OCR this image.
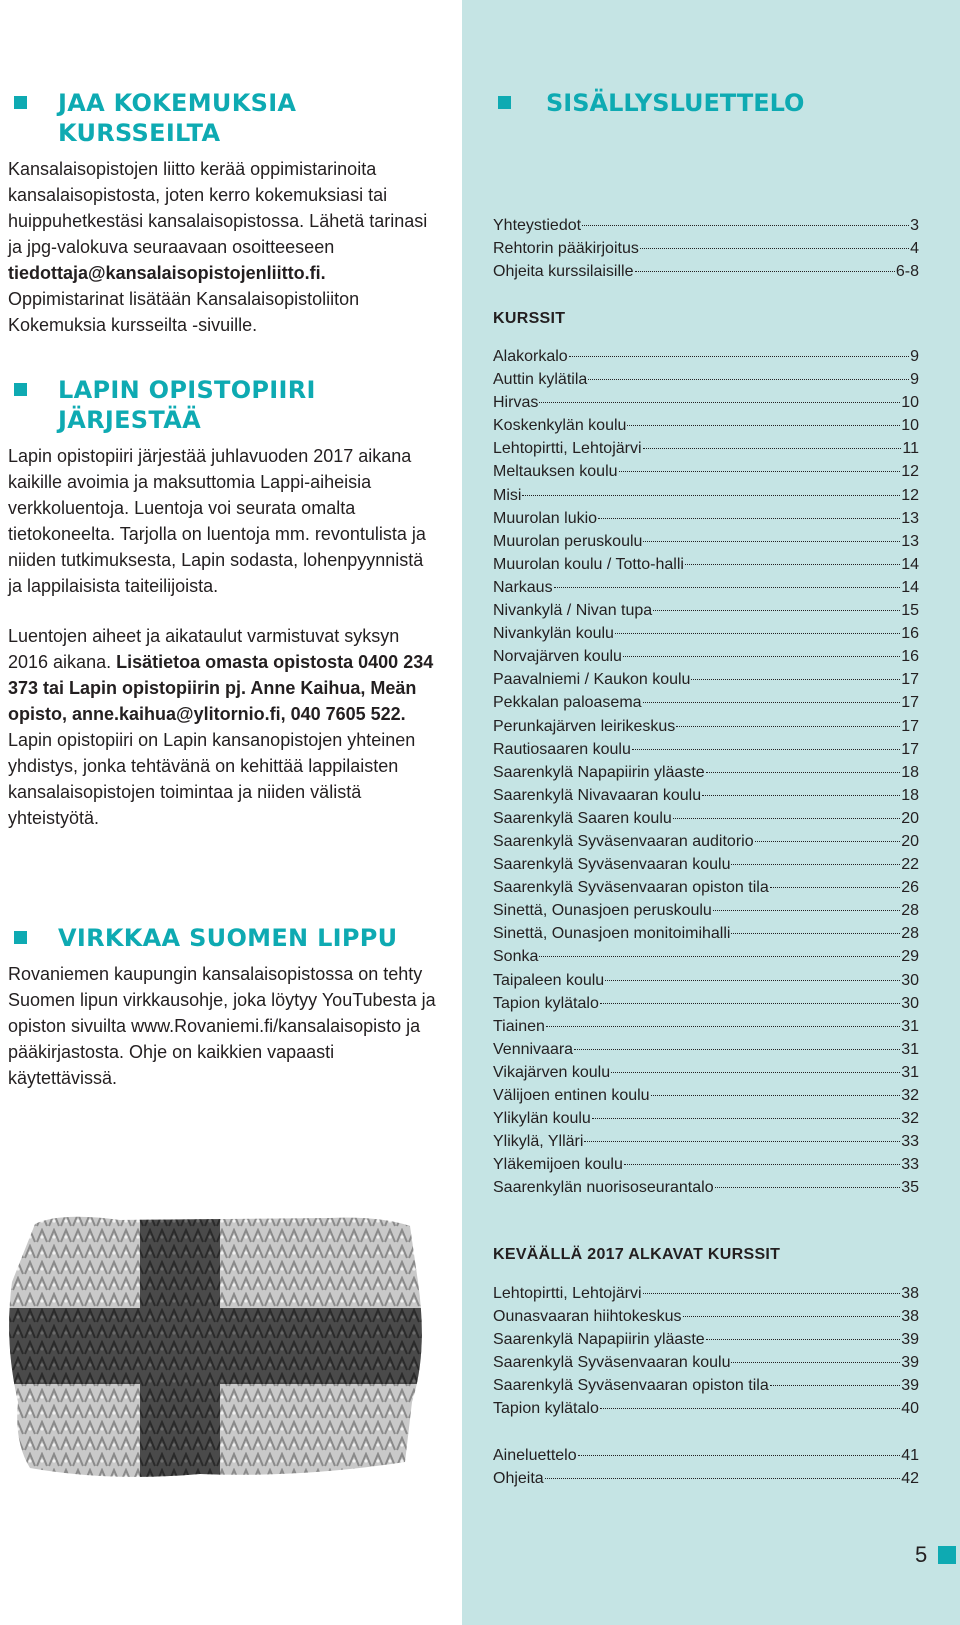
JAA KOKEMUKSIA
KURSSEILTA

Kansalaisopistojen liitto kerää oppimistarinoita kansalaisopistosta, joten kerro kokemuksiasi tai huippuhetkestäsi kansalaisopistossa. Lähetä tarinasi ja jpg-valokuva seuraavaan osoitteeseen tiedottaja@kansalaisopistojenliitto.fi. Oppimistarinat lisätään Kansalaisopistoliiton Kokemuksia kursseilta -sivuille.

LAPIN OPISTOPIIRI
JÄRJESTÄÄ

Lapin opistopiiri järjestää juhlavuoden 2017 aikana kaikille avoimia ja maksuttomia Lappi-aiheisia verkkoluentoja. Luentoja voi seurata omalta tietokoneelta. Tarjolla on luentoja mm. revontulista ja niiden tutkimuksesta, Lapin sodasta, lohenpyynnistä ja lappilaisista taiteilijoista.

Luentojen aiheet ja aikataulut varmistuvat syksyn 2016 aikana. Lisätietoa omasta opistosta 0400 234 373 tai Lapin opistopiirin pj. Anne Kaihua, Meän opisto, anne.kaihua@ylitornio.fi, 040 7605 522. Lapin opistopiiri on Lapin kansanopistojen yhteinen yhdistys, jonka tehtävänä on kehittää lappilaisten kansalaisopistojen toimintaa ja niiden välistä yhteistyötä.

VIRKKAA SUOMEN LIPPU

Rovaniemen kaupungin kansalaisopistossa on tehty Suomen lipun virkkausohje, joka löytyy YouTubesta ja opiston sivuilta www.Rovaniemi.fi/kansalaisopisto ja pääkirjastosta. Ohje on kaikkien vapaasti käytettävissä.

SISÄLLYSLUETTELO
Yhteystiedot	3
Rehtorin pääkirjoitus	4
Ohjeita kurssilaisille	6-8
KURSSIT
Alakorkalo	9
Auttin kylätila	9
Hirvas	10
Koskenkylän koulu	10
Lehtopirtti, Lehtojärvi	11
Meltauksen koulu	12
Misi	12
Muurolan lukio	13
Muurolan peruskoulu	13
Muurolan koulu / Totto-halli	14
Narkaus	14
Nivankylä / Nivan tupa	15
Nivankylän koulu	16
Norvajärven koulu	16
Paavalniemi / Kaukon koulu	17
Pekkalan paloasema	17
Perunkajärven leirikeskus	17
Rautiosaaren koulu	17
Saarenkylä Napapiirin yläaste	18
Saarenkylä Nivavaaran koulu	18
Saarenkylä Saaren koulu	20
Saarenkylä Syväsenvaaran auditorio	20
Saarenkylä Syväsenvaaran koulu	22
Saarenkylä Syväsenvaaran opiston tila	26
Sinettä, Ounasjoen peruskoulu	28
Sinettä, Ounasjoen monitoimihalli	28
Sonka	29
Taipaleen koulu	30
Tapion kylätalo	30
Tiainen	31
Vennivaara	31
Vikajärven koulu	31
Välijoen entinen koulu	32
Ylikylän koulu	32
Ylikylä, Ylläri	33
Yläkemijoen koulu	33
Saarenkylän nuorisoseurantalo	35
KEVÄÄLLÄ 2017 ALKAVAT KURSSIT
Lehtopirtti, Lehtojärvi	38
Ounasvaaran hiihtokeskus	38
Saarenkylä Napapiirin yläaste	39
Saarenkylä Syväsenvaaran koulu	39
Saarenkylä Syväsenvaaran opiston tila	39
Tapion kylätalo	40
Aineluettelo	41
Ohjeita	42
5
